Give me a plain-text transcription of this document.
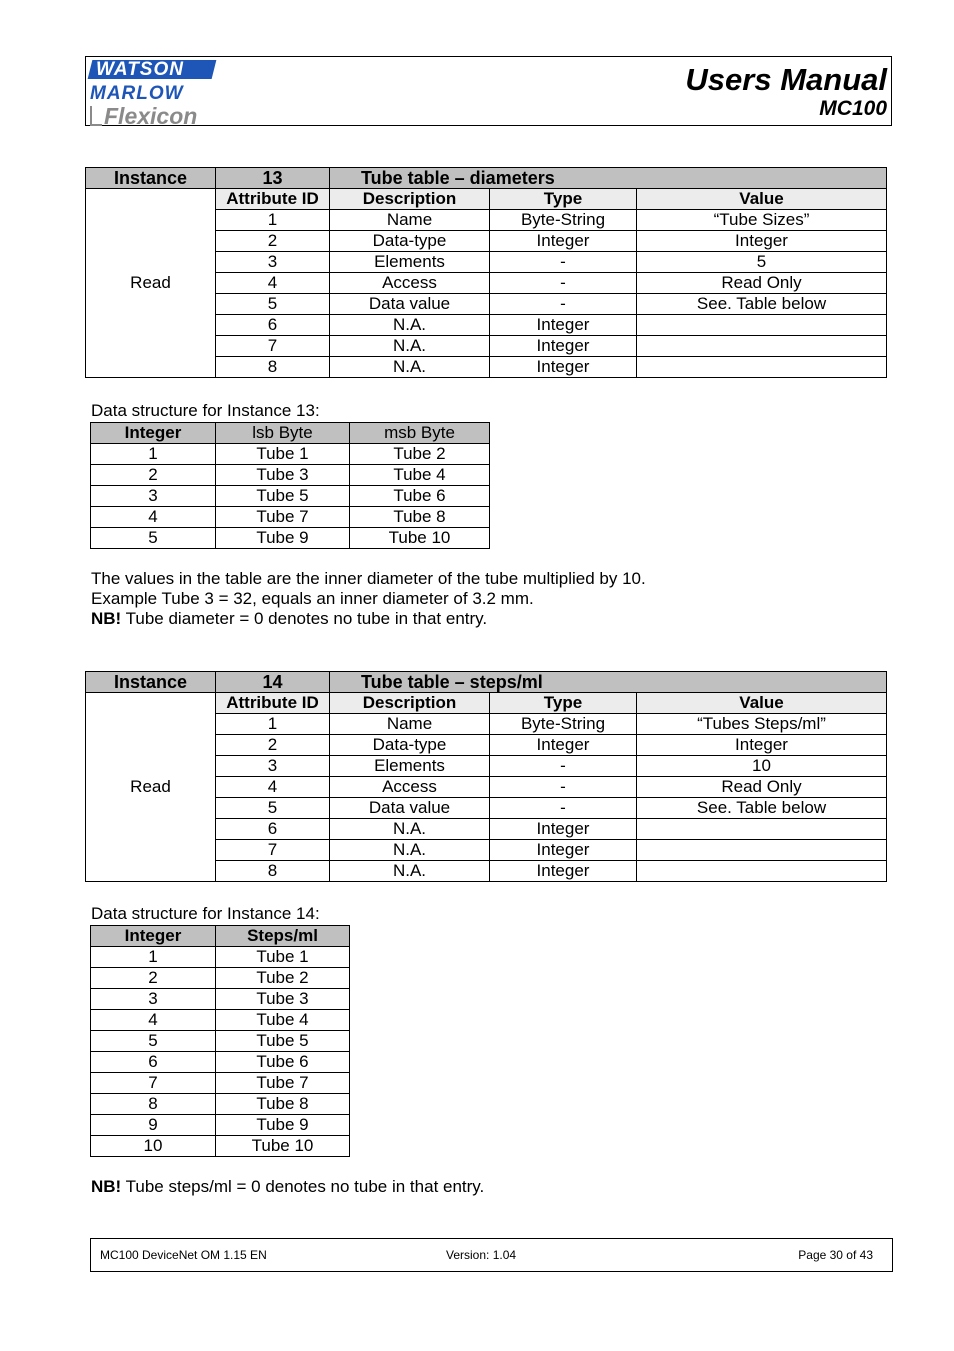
WATSON
MARLOW
Flexicon
Users Manual
MC100
Instance	13	Tube table – diameters		
Read	Attribute ID	Description	Type	Value
	1	Name	Byte-String	“Tube Sizes”
	2	Data-type	Integer	Integer
	3	Elements	-	5
	4	Access	-	Read Only
	5	Data value	-	See. Table below
	6	N.A.	Integer	
	7	N.A.	Integer	
	8	N.A.	Integer	
Data structure for Instance 13:
Integer	lsb Byte	msb Byte
1	Tube 1	Tube 2
2	Tube 3	Tube 4
3	Tube 5	Tube 6
4	Tube 7	Tube 8
5	Tube 9	Tube 10
The values in the table are the inner diameter of the tube multiplied by 10.
Example Tube 3 = 32, equals an inner diameter of 3.2 mm.
NB! Tube diameter = 0 denotes no tube in that entry.
Instance	14	Tube table – steps/ml		
Read	Attribute ID	Description	Type	Value
	1	Name	Byte-String	“Tubes Steps/ml”
	2	Data-type	Integer	Integer
	3	Elements	-	10
	4	Access	-	Read Only
	5	Data value	-	See. Table below
	6	N.A.	Integer	
	7	N.A.	Integer	
	8	N.A.	Integer	
Data structure for Instance 14:
Integer	Steps/ml
1	Tube 1
2	Tube 2
3	Tube 3
4	Tube 4
5	Tube 5
6	Tube 6
7	Tube 7
8	Tube 8
9	Tube 9
10	Tube 10
NB! Tube steps/ml = 0 denotes no tube in that entry.
MC100 DeviceNet OM 1.15 EN	Version: 1.04	Page 30 of 43
